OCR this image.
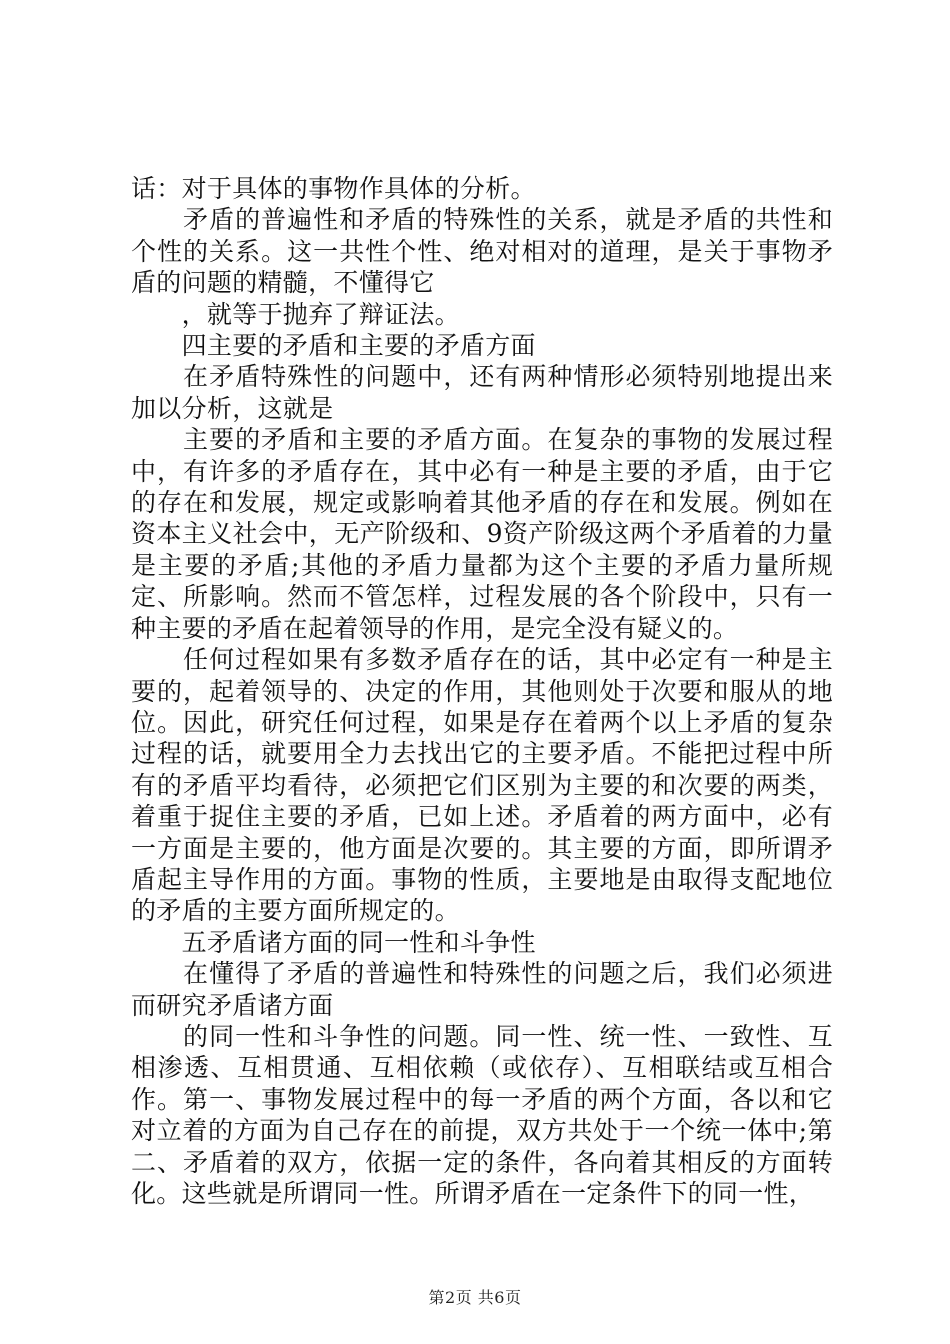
话：对于具体的事物作具体的分析。

　　矛盾的普遍性和矛盾的特殊性的关系，就是矛盾的共性和个性的关系。这一共性个性、绝对相对的道理，是关于事物矛盾的问题的精髓，不懂得它

　　，就等于抛弃了辩证法。

　　四主要的矛盾和主要的矛盾方面

　　在矛盾特殊性的问题中，还有两种情形必须特别地提出来加以分析，这就是

　　主要的矛盾和主要的矛盾方面。在复杂的事物的发展过程中，有许多的矛盾存在，其中必有一种是主要的矛盾，由于它的存在和发展，规定或影响着其他矛盾的存在和发展。例如在资本主义社会中，无产阶级和、9资产阶级这两个矛盾着的力量是主要的矛盾;其他的矛盾力量都为这个主要的矛盾力量所规定、所影响。然而不管怎样，过程发展的各个阶段中，只有一种主要的矛盾在起着领导的作用，是完全没有疑义的。

　　任何过程如果有多数矛盾存在的话，其中必定有一种是主要的，起着领导的、决定的作用，其他则处于次要和服从的地位。因此，研究任何过程，如果是存在着两个以上矛盾的复杂过程的话，就要用全力去找出它的主要矛盾。不能把过程中所有的矛盾平均看待，必须把它们区别为主要的和次要的两类，着重于捉住主要的矛盾，已如上述。矛盾着的两方面中，必有一方面是主要的，他方面是次要的。其主要的方面，即所谓矛盾起主导作用的方面。事物的性质，主要地是由取得支配地位的矛盾的主要方面所规定的。

　　五矛盾诸方面的同一性和斗争性

　　在懂得了矛盾的普遍性和特殊性的问题之后，我们必须进而研究矛盾诸方面

　　的同一性和斗争性的问题。同一性、统一性、一致性、互相渗透、互相贯通、互相依赖（或依存）、互相联结或互相合作。第一、事物发展过程中的每一矛盾的两个方面，各以和它对立着的方面为自己存在的前提，双方共处于一个统一体中;第二、矛盾着的双方，依据一定的条件，各向着其相反的方面转化。这些就是所谓同一性。所谓矛盾在一定条件下的同一性，

第2页 共6页
